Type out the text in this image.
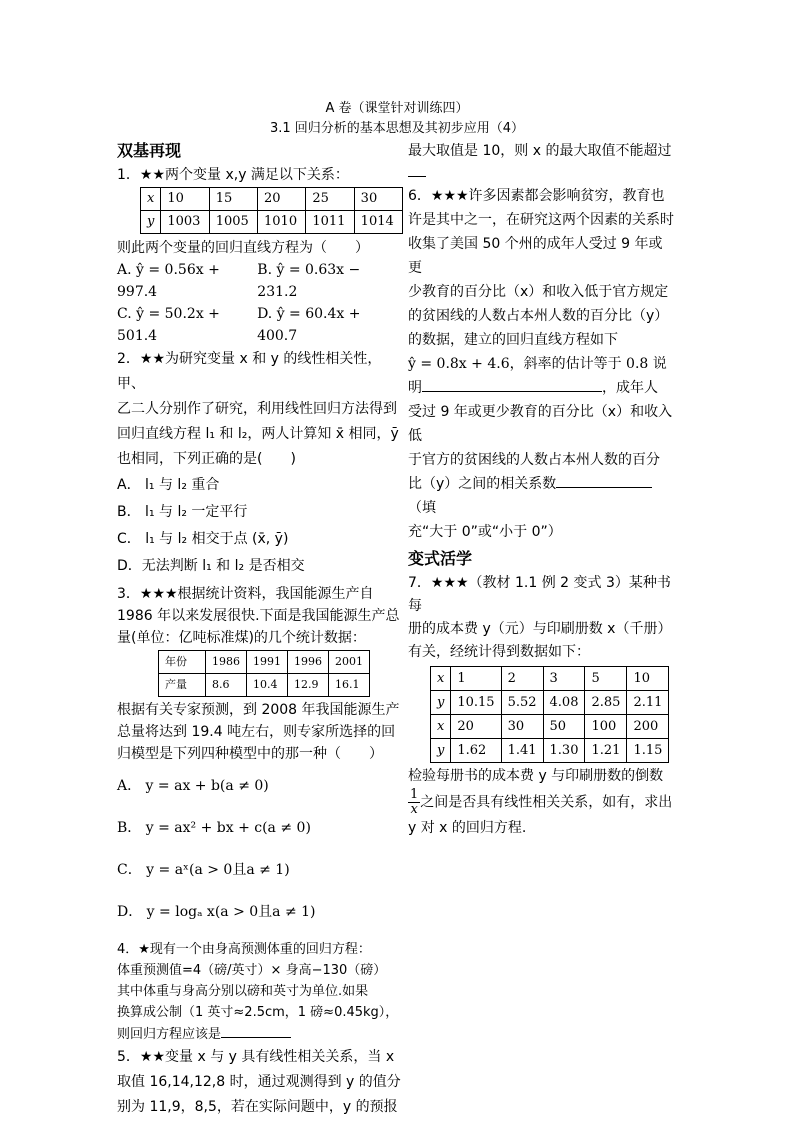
A 卷（课堂针对训练四）
3.1 回归分析的基本思想及其初步应用（4）
双基再现

1．★★两个变量 x,y 满足以下关系：

x	10	15	20	25	30
y	1003	1005	1010	1011	1014

则此两个变量的回归直线方程为（　　）

A. ŷ = 0.56x + 997.4
B. ŷ = 0.63x − 231.2
C. ŷ = 50.2x + 501.4
D. ŷ = 60.4x + 400.7

2．★★为研究变量 x 和 y 的线性相关性，甲、

乙二人分别作了研究，利用线性回归方法得到

回归直线方程 l₁ 和 l₂，两人计算知 x̄ 相同，ȳ

也相同，下列正确的是(　　)

A． l₁ 与 l₂ 重合

B． l₁ 与 l₂ 一定平行

C． l₁ 与 l₂ 相交于点 (x̄, ȳ)

D．无法判断 l₁ 和 l₂ 是否相交

3．★★★根据统计资料，我国能源生产自

1986 年以来发展很快.下面是我国能源生产总

量(单位：亿吨标准煤)的几个统计数据：

年份	1986	1991	1996	2001
产量	8.6	10.4	12.9	16.1

根据有关专家预测，到 2008 年我国能源生产

总量将达到 19.4 吨左右，则专家所选择的回

归模型是下列四种模型中的那一种（　　）

A． y = ax + b(a ≠ 0)

B． y = ax² + bx + c(a ≠ 0)

C． y = aˣ(a > 0且a ≠ 1)

D． y = logₐ x(a > 0且a ≠ 1)

4．★现有一个由身高预测体重的回归方程：

体重预测值=4（磅/英寸）× 身高−130（磅）

其中体重与身高分别以磅和英寸为单位.如果

换算成公制（1 英寸≈2.5cm，1 磅≈0.45kg），

则回归方程应该是

5．★★变量 x 与 y 具有线性相关关系，当 x

取值 16,14,12,8 时，通过观测得到 y 的值分

别为 11,9，8,5，若在实际问题中，y 的预报

最大取值是 10，则 x 的最大取值不能超过

6．★★★许多因素都会影响贫穷，教育也

许是其中之一，在研究这两个因素的关系时

收集了美国 50 个州的成年人受过 9 年或更

少教育的百分比（x）和收入低于官方规定

的贫困线的人数占本州人数的百分比（y）

的数据，建立的回归直线方程如下

ŷ = 0.8x + 4.6，斜率的估计等于 0.8 说

明	，成年人

受过 9 年或更少教育的百分比（x）和收入低

于官方的贫困线的人数占本州人数的百分

比（y）之间的相关系数（填

充“大于 0”或“小于 0”）

变式活学

7．★★★（教材 1.1 例 2 变式 3）某种书每

册的成本费 y（元）与印刷册数 x（千册）

有关，经统计得到数据如下：

x	1	2	3	5	10
y	10.15	5.52	4.08	2.85	2.11
x	20	30	50	100	200
y	1.62	1.41	1.30	1.21	1.15

检验每册书的成本费 y 与印刷册数的倒数

$\frac{1}{x}$ 之间是否具有线性相关关系，如有，求出

y 对 x 的回归方程.
